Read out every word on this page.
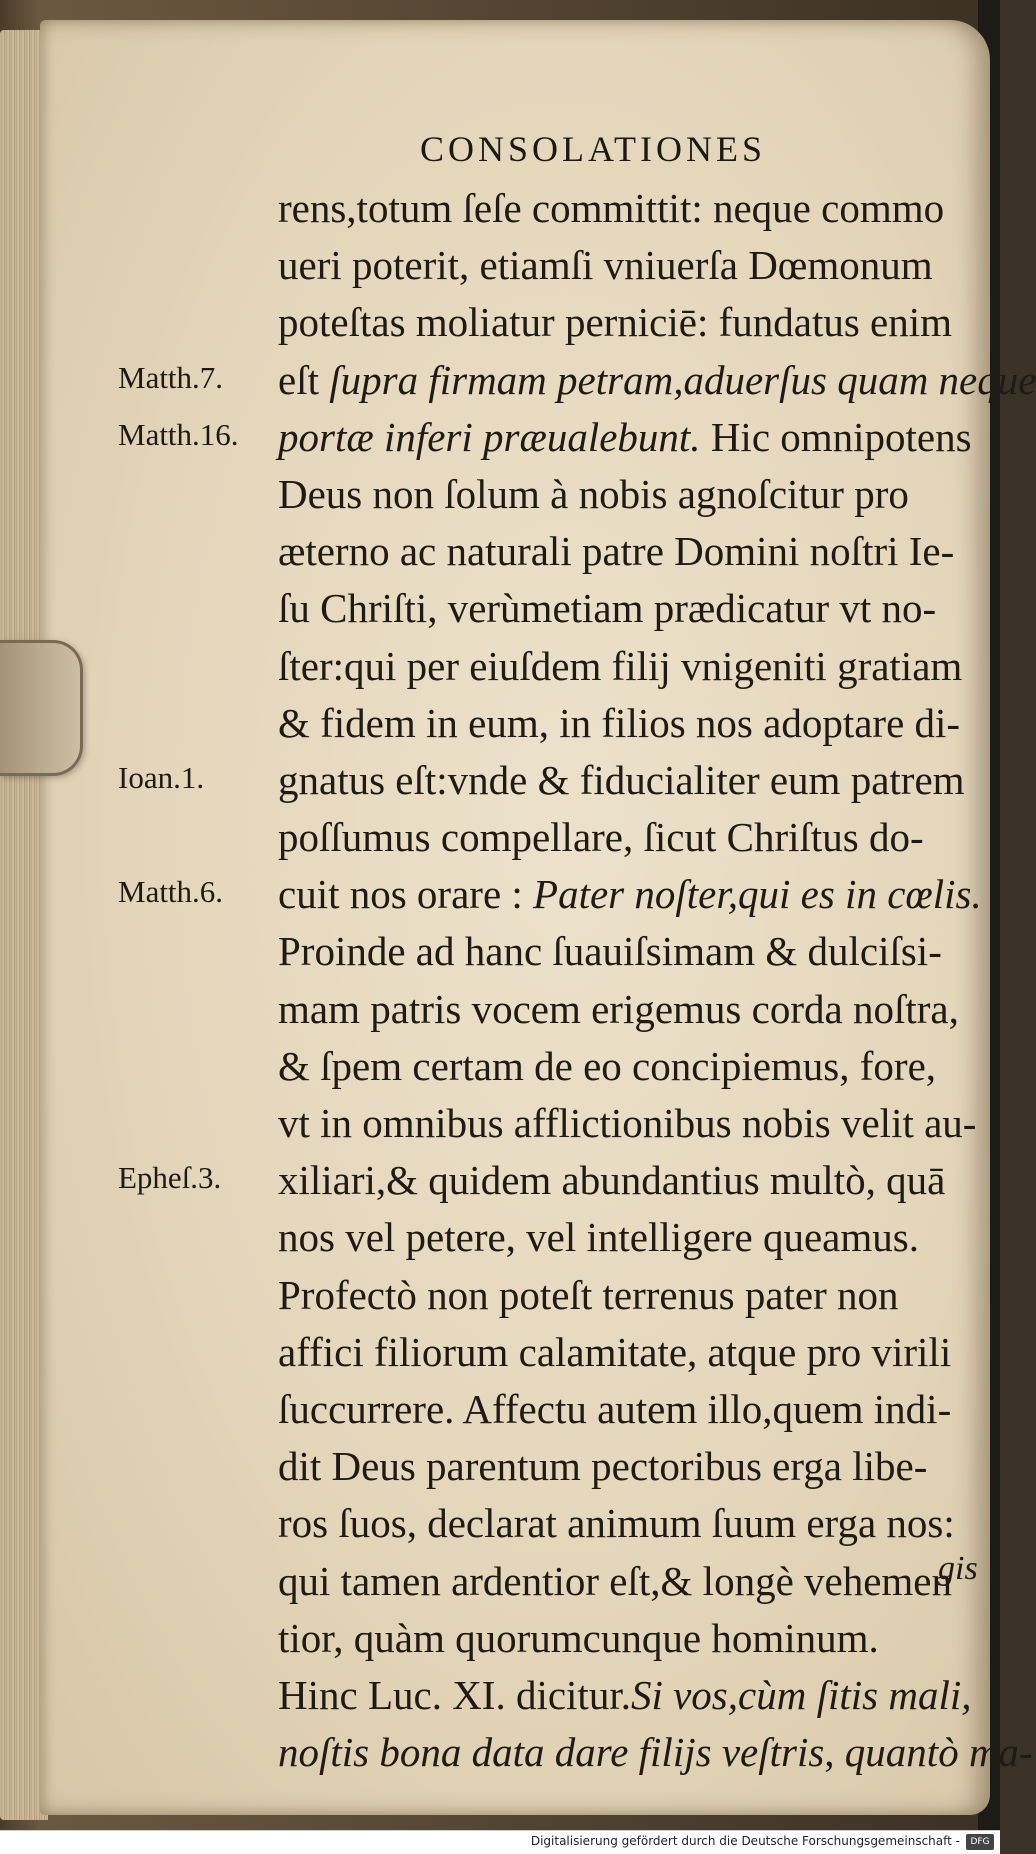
CONSOLATIONES
rens,totum ſeſe committit: neque commo
ueri poterit, etiamſi vniuerſa Dœmonum
poteſtas moliatur perniciē: fundatus enim
eſt ſupra firmam petram,aduerſus quam neque
portæ inferi præualebunt. Hic omnipotens
Deus non ſolum à nobis agnoſcitur pro
æterno ac naturali patre Domini noſtri Ie-
ſu Chriſti, verùmetiam prædicatur vt no-
ſter:qui per eiuſdem filij vnigeniti gratiam
& fidem in eum, in filios nos adoptare di-
gnatus eſt:vnde & fiducialiter eum patrem
poſſumus compellare, ſicut Chriſtus do-
cuit nos orare : Pater noſter,qui es in cœlis.
Proinde ad hanc ſuauiſsimam & dulciſsi-
mam patris vocem erigemus corda noſtra,
& ſpem certam de eo concipiemus, fore,
vt in omnibus afflictionibus nobis velit au-
xiliari,& quidem abundantius multò, quā
nos vel petere, vel intelligere queamus.
Profectò non poteſt terrenus pater non
affici filiorum calamitate, atque pro virili
ſuccurrere. Affectu autem illo,quem indi-
dit Deus parentum pectoribus erga libe-
ros ſuos, declarat animum ſuum erga nos:
qui tamen ardentior eſt,& longè vehemen
tior, quàm quorumcunque hominum.
Hinc Luc. XI. dicitur.Si vos,cùm ſitis mali,
noſtis bona data dare filijs veſtris, quantò ma-
Matth.7.
Matth.16.
Ioan.1.
Matth.6.
Epheſ.3.
gis
Digitalisierung gefördert durch die Deutsche Forschungsgemeinschaft -	DFG
